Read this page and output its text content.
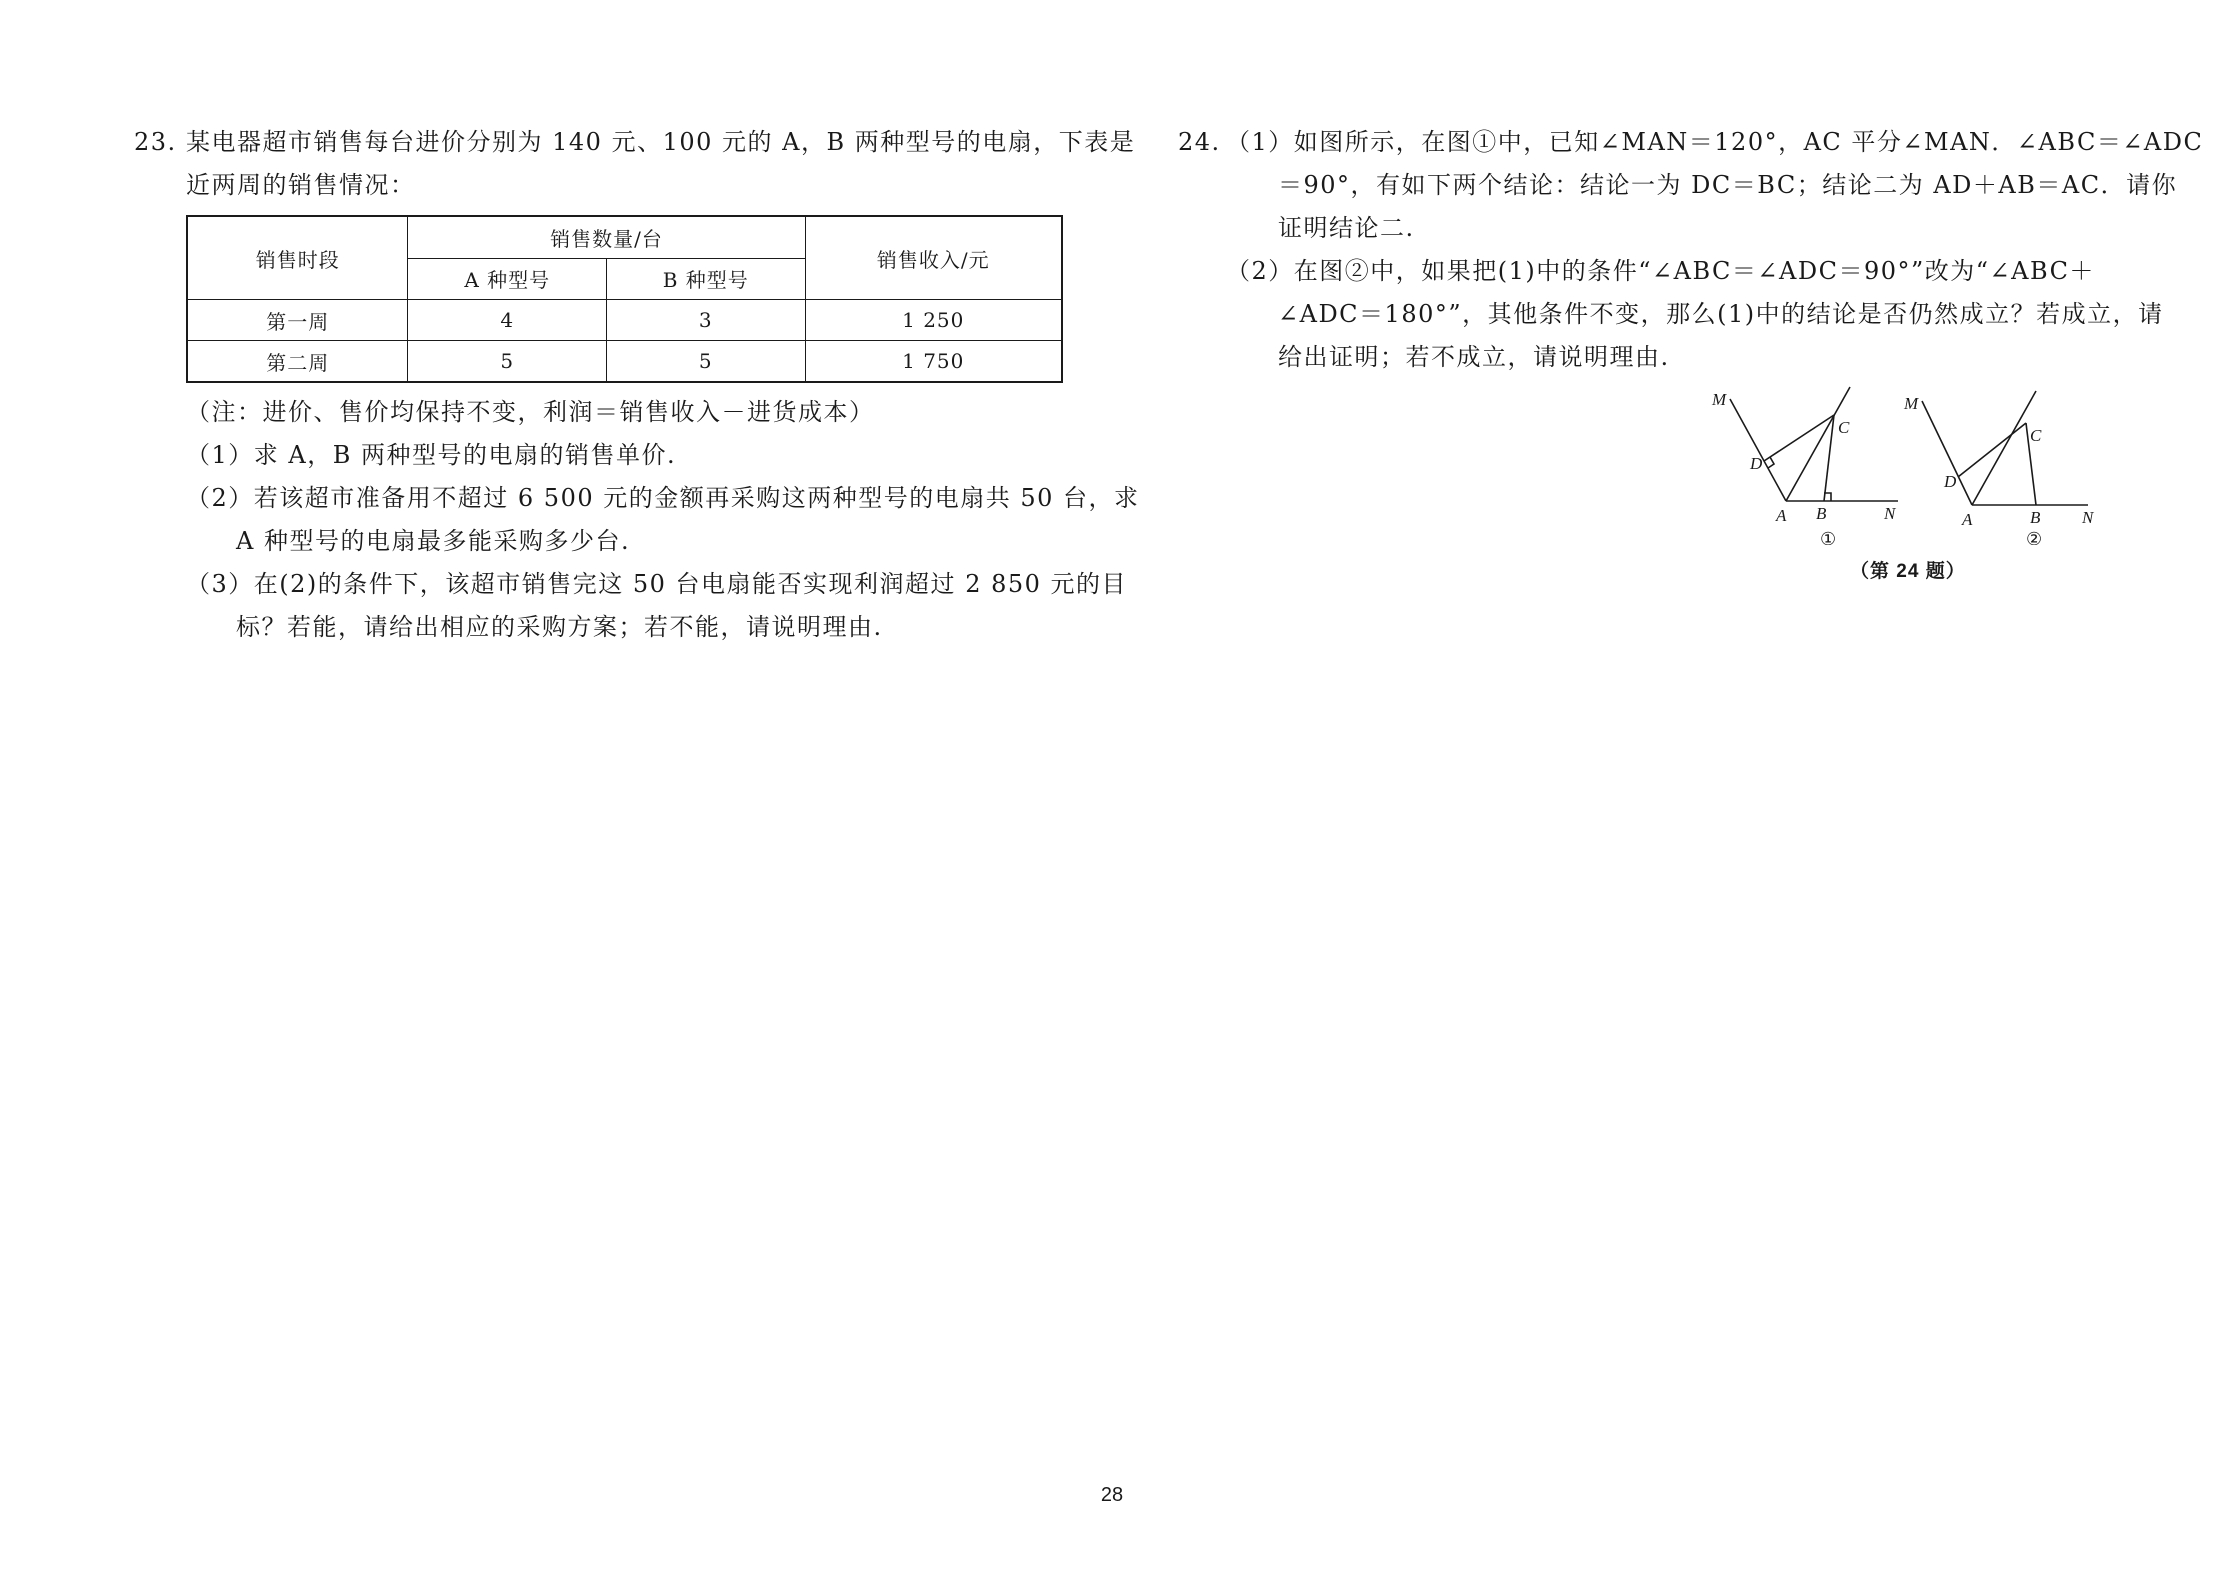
23. 某电器超市销售每台进价分别为 140 元、100 元的 A，B 两种型号的电扇，下表是
近两周的销售情况：
销售时段	销售数量/台		销售收入/元
	A 种型号	B 种型号	
第一周	4	3	1 250
第二周	5	5	1 750
（注：进价、售价均保持不变，利润＝销售收入－进货成本）
（1）求 A，B 两种型号的电扇的销售单价.
（2）若该超市准备用不超过 6 500 元的金额再采购这两种型号的电扇共 50 台，求
A 种型号的电扇最多能采购多少台.
（3）在(2)的条件下，该超市销售完这 50 台电扇能否实现利润超过 2 850 元的目
标？若能，请给出相应的采购方案；若不能，请说明理由.
24. （1）如图所示，在图①中，已知∠MAN＝120°，AC 平分∠MAN．∠ABC＝∠ADC
＝90°，有如下两个结论：结论一为 DC＝BC；结论二为 AD＋AB＝AC．请你
证明结论二.
（2）在图②中，如果把(1)中的条件“∠ABC＝∠ADC＝90°”改为“∠ABC＋
∠ADC＝180°”，其他条件不变，那么(1)中的结论是否仍然成立？若成立，请
给出证明；若不成立，请说明理由.
M
D
C
A B	N
①
M
D
C
A	B N
②
（第 24 题）
28
